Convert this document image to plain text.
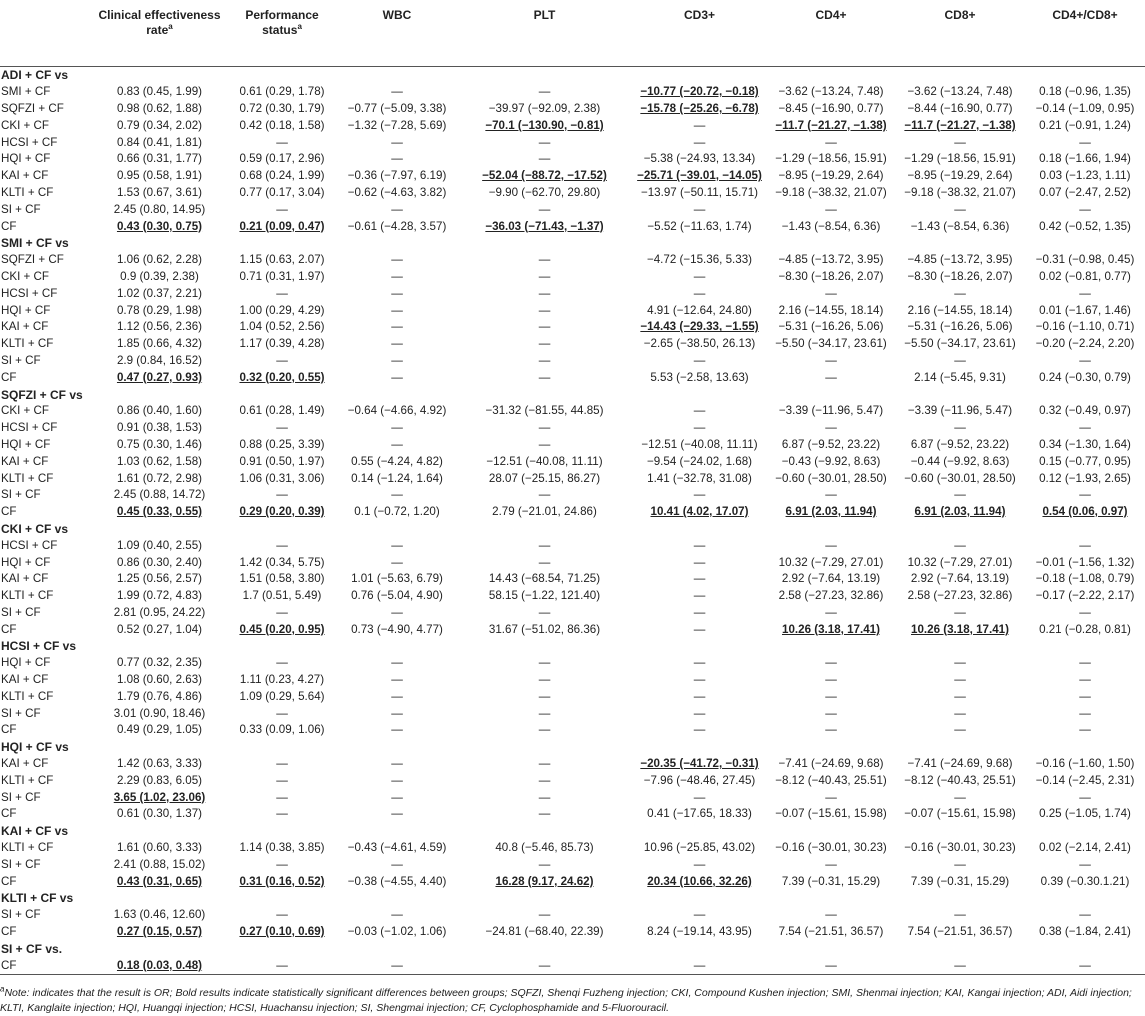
	Clinical effectiveness rate$^a$	Performance status$^a$	WBC	PLT	CD3+	CD4+	CD8+	CD4+/CD8+
ADI + CF vs								
SMI + CF	0.83 (0.45, 1.99)	0.61 (0.29, 1.78)	—	—	−10.77 (−20.72, −0.18)	−3.62 (−13.24, 7.48)	−3.62 (−13.24, 7.48)	0.18 (−0.96, 1.35)
SQFZI + CF	0.98 (0.62, 1.88)	0.72 (0.30, 1.79)	−0.77 (−5.09, 3.38)	−39.97 (−92.09, 2.38)	−15.78 (−25.26, −6.78)	−8.45 (−16.90, 0.77)	−8.44 (−16.90, 0.77)	−0.14 (−1.09, 0.95)
CKI + CF	0.79 (0.34, 2.02)	0.42 (0.18, 1.58)	−1.32 (−7.28, 5.69)	−70.1 (−130.90, −0.81)	—	−11.7 (−21.27, −1.38)	−11.7 (−21.27, −1.38)	0.21 (−0.91, 1.24)
HCSI + CF	0.84 (0.41, 1.81)	—	—	—	—	—	—	—
HQI + CF	0.66 (0.31, 1.77)	0.59 (0.17, 2.96)	—	—	−5.38 (−24.93, 13.34)	−1.29 (−18.56, 15.91)	−1.29 (−18.56, 15.91)	0.18 (−1.66, 1.94)
KAI + CF	0.95 (0.58, 1.91)	0.68 (0.24, 1.99)	−0.36 (−7.97, 6.19)	−52.04 (−88.72, −17.52)	−25.71 (−39.01, −14.05)	−8.95 (−19.29, 2.64)	−8.95 (−19.29, 2.64)	0.03 (−1.23, 1.11)
KLTI + CF	1.53 (0.67, 3.61)	0.77 (0.17, 3.04)	−0.62 (−4.63, 3.82)	−9.90 (−62.70, 29.80)	−13.97 (−50.11, 15.71)	−9.18 (−38.32, 21.07)	−9.18 (−38.32, 21.07)	0.07 (−2.47, 2.52)
SI + CF	2.45 (0.80, 14.95)	—	—	—	—	—	—	—
CF	0.43 (0.30, 0.75)	0.21 (0.09, 0.47)	−0.61 (−4.28, 3.57)	−36.03 (−71.43, −1.37)	−5.52 (−11.63, 1.74)	−1.43 (−8.54, 6.36)	−1.43 (−8.54, 6.36)	0.42 (−0.52, 1.35)
SMI + CF vs								
SQFZI + CF	1.06 (0.62, 2.28)	1.15 (0.63, 2.07)	—	—	−4.72 (−15.36, 5.33)	−4.85 (−13.72, 3.95)	−4.85 (−13.72, 3.95)	−0.31 (−0.98, 0.45)
CKI + CF	0.9 (0.39, 2.38)	0.71 (0.31, 1.97)	—	—	—	−8.30 (−18.26, 2.07)	−8.30 (−18.26, 2.07)	0.02 (−0.81, 0.77)
HCSI + CF	1.02 (0.37, 2.21)	—	—	—	—	—	—	—
HQI + CF	0.78 (0.29, 1.98)	1.00 (0.29, 4.29)	—	—	4.91 (−12.64, 24.80)	2.16 (−14.55, 18.14)	2.16 (−14.55, 18.14)	0.01 (−1.67, 1.46)
KAI + CF	1.12 (0.56, 2.36)	1.04 (0.52, 2.56)	—	—	−14.43 (−29.33, −1.55)	−5.31 (−16.26, 5.06)	−5.31 (−16.26, 5.06)	−0.16 (−1.10, 0.71)
KLTI + CF	1.85 (0.66, 4.32)	1.17 (0.39, 4.28)	—	—	−2.65 (−38.50, 26.13)	−5.50 (−34.17, 23.61)	−5.50 (−34.17, 23.61)	−0.20 (−2.24, 2.20)
SI + CF	2.9 (0.84, 16.52)	—	—	—	—	—	—	—
CF	0.47 (0.27, 0.93)	0.32 (0.20, 0.55)	—	—	5.53 (−2.58, 13.63)	—	2.14 (−5.45, 9.31)	0.24 (−0.30, 0.79)
SQFZI + CF vs								
CKI + CF	0.86 (0.40, 1.60)	0.61 (0.28, 1.49)	−0.64 (−4.66, 4.92)	−31.32 (−81.55, 44.85)	—	−3.39 (−11.96, 5.47)	−3.39 (−11.96, 5.47)	0.32 (−0.49, 0.97)
HCSI + CF	0.91 (0.38, 1.53)	—	—	—	—	—	—	—
HQI + CF	0.75 (0.30, 1.46)	0.88 (0.25, 3.39)	—	—	−12.51 (−40.08, 11.11)	6.87 (−9.52, 23.22)	6.87 (−9.52, 23.22)	0.34 (−1.30, 1.64)
KAI + CF	1.03 (0.62, 1.58)	0.91 (0.50, 1.97)	0.55 (−4.24, 4.82)	−12.51 (−40.08, 11.11)	−9.54 (−24.02, 1.68)	−0.43 (−9.92, 8.63)	−0.44 (−9.92, 8.63)	0.15 (−0.77, 0.95)
KLTI + CF	1.61 (0.72, 2.98)	1.06 (0.31, 3.06)	0.14 (−1.24, 1.64)	28.07 (−25.15, 86.27)	1.41 (−32.78, 31.08)	−0.60 (−30.01, 28.50)	−0.60 (−30.01, 28.50)	0.12 (−1.93, 2.65)
SI + CF	2.45 (0.88, 14.72)	—	—	—	—	—	—	—
CF	0.45 (0.33, 0.55)	0.29 (0.20, 0.39)	0.1 (−0.72, 1.20)	2.79 (−21.01, 24.86)	10.41 (4.02, 17.07)	6.91 (2.03, 11.94)	6.91 (2.03, 11.94)	0.54 (0.06, 0.97)
CKI + CF vs								
HCSI + CF	1.09 (0.40, 2.55)	—	—	—	—	—	—	—
HQI + CF	0.86 (0.30, 2.40)	1.42 (0.34, 5.75)	—	—	—	10.32 (−7.29, 27.01)	10.32 (−7.29, 27.01)	−0.01 (−1.56, 1.32)
KAI + CF	1.25 (0.56, 2.57)	1.51 (0.58, 3.80)	1.01 (−5.63, 6.79)	14.43 (−68.54, 71.25)	—	2.92 (−7.64, 13.19)	2.92 (−7.64, 13.19)	−0.18 (−1.08, 0.79)
KLTI + CF	1.99 (0.72, 4.83)	1.7 (0.51, 5.49)	0.76 (−5.04, 4.90)	58.15 (−1.22, 121.40)	—	2.58 (−27.23, 32.86)	2.58 (−27.23, 32.86)	−0.17 (−2.22, 2.17)
SI + CF	2.81 (0.95, 24.22)	—	—	—	—	—	—	—
CF	0.52 (0.27, 1.04)	0.45 (0.20, 0.95)	0.73 (−4.90, 4.77)	31.67 (−51.02, 86.36)	—	10.26 (3.18, 17.41)	10.26 (3.18, 17.41)	0.21 (−0.28, 0.81)
HCSI + CF vs								
HQI + CF	0.77 (0.32, 2.35)	—	—	—	—	—	—	—
KAI + CF	1.08 (0.60, 2.63)	1.11 (0.23, 4.27)	—	—	—	—	—	—
KLTI + CF	1.79 (0.76, 4.86)	1.09 (0.29, 5.64)	—	—	—	—	—	—
SI + CF	3.01 (0.90, 18.46)	—	—	—	—	—	—	—
CF	0.49 (0.29, 1.05)	0.33 (0.09, 1.06)	—	—	—	—	—	—
HQI + CF vs								
KAI + CF	1.42 (0.63, 3.33)	—	—	—	−20.35 (−41.72, −0.31)	−7.41 (−24.69, 9.68)	−7.41 (−24.69, 9.68)	−0.16 (−1.60, 1.50)
KLTI + CF	2.29 (0.83, 6.05)	—	—	—	−7.96 (−48.46, 27.45)	−8.12 (−40.43, 25.51)	−8.12 (−40.43, 25.51)	−0.14 (−2.45, 2.31)
SI + CF	3.65 (1.02, 23.06)	—	—	—	—	—	—	—
CF	0.61 (0.30, 1.37)	—	—	—	0.41 (−17.65, 18.33)	−0.07 (−15.61, 15.98)	−0.07 (−15.61, 15.98)	0.25 (−1.05, 1.74)
KAI + CF vs								
KLTI + CF	1.61 (0.60, 3.33)	1.14 (0.38, 3.85)	−0.43 (−4.61, 4.59)	40.8 (−5.46, 85.73)	10.96 (−25.85, 43.02)	−0.16 (−30.01, 30.23)	−0.16 (−30.01, 30.23)	0.02 (−2.14, 2.41)
SI + CF	2.41 (0.88, 15.02)	—	—	—	—	—	—	—
CF	0.43 (0.31, 0.65)	0.31 (0.16, 0.52)	−0.38 (−4.55, 4.40)	16.28 (9.17, 24.62)	20.34 (10.66, 32.26)	7.39 (−0.31, 15.29)	7.39 (−0.31, 15.29)	0.39 (−0.30.1.21)
KLTI + CF vs								
SI + CF	1.63 (0.46, 12.60)	—	—	—	—	—	—	—
CF	0.27 (0.15, 0.57)	0.27 (0.10, 0.69)	−0.03 (−1.02, 1.06)	−24.81 (−68.40, 22.39)	8.24 (−19.14, 43.95)	7.54 (−21.51, 36.57)	7.54 (−21.51, 36.57)	0.38 (−1.84, 2.41)
SI + CF vs.								
CF	0.18 (0.03, 0.48)	—	—	—	—	—	—	—
$^a$Note: indicates that the result is OR; Bold results indicate statistically significant differences between groups; SQFZI, Shenqi Fuzheng injection; CKI, Compound Kushen injection; SMI, Shenmai injection; KAI, Kangai injection; ADI, Aidi injection; KLTI, Kanglaite injection; HQI, Huangqi injection; HCSI, Huachansu injection; SI, Shengmai injection; CF, Cyclophosphamide and 5-Fluorouracil.
